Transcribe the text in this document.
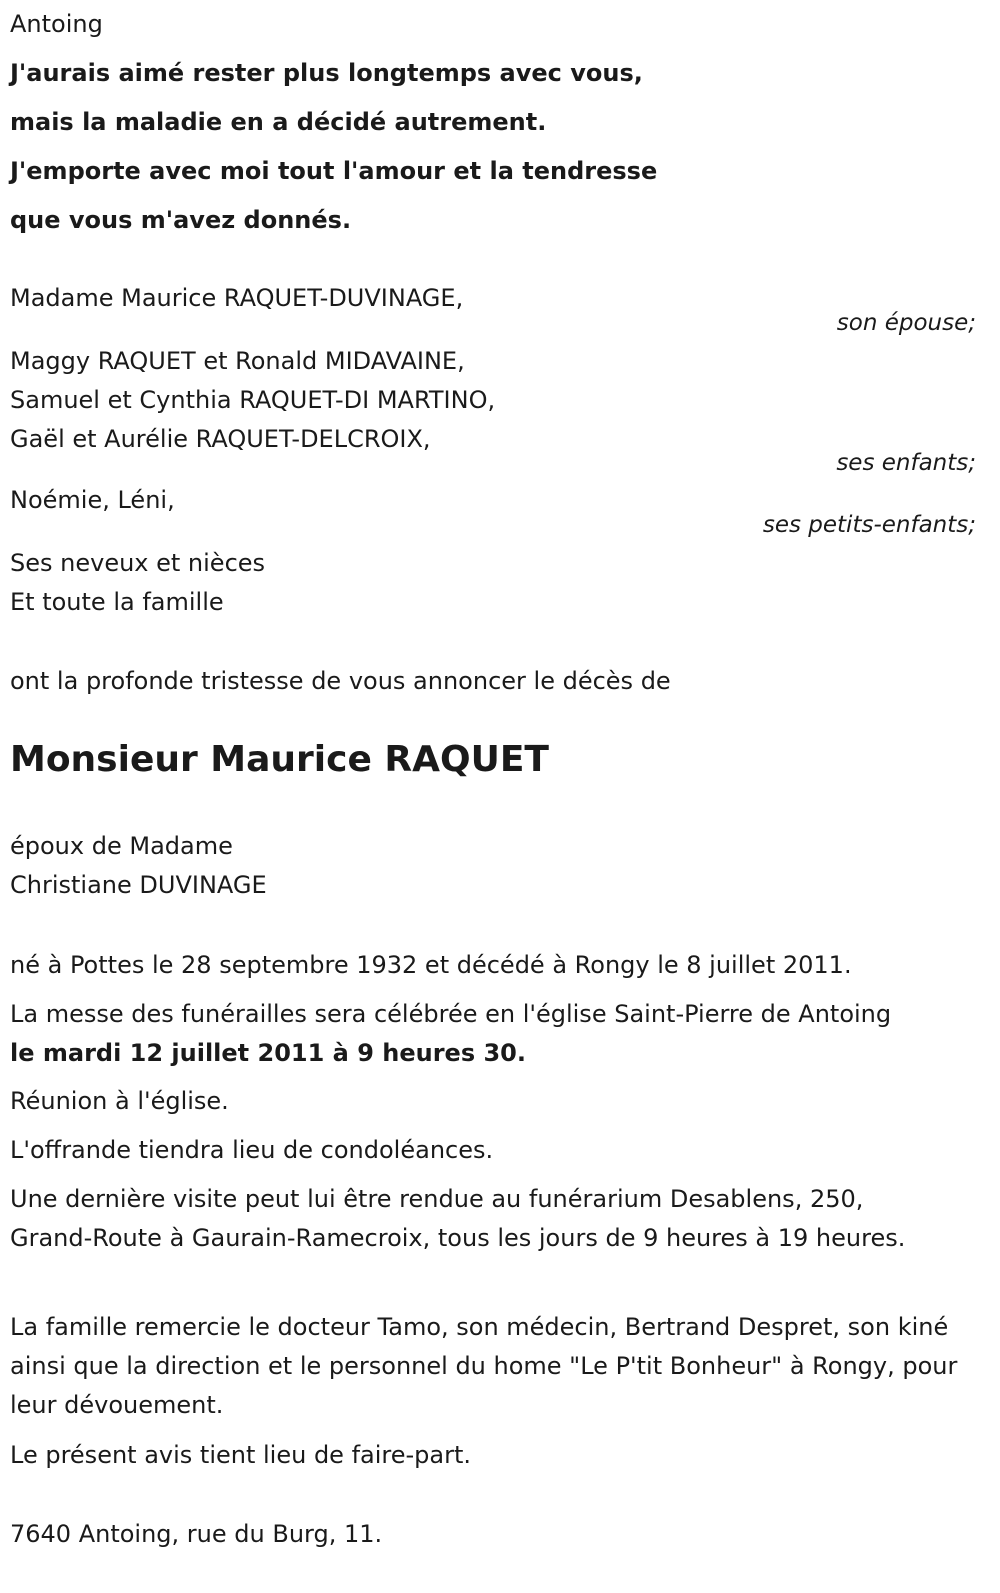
Antoing
J'aurais aimé rester plus longtemps avec vous,
mais la maladie en a décidé autrement.
J'emporte avec moi tout l'amour et la tendresse
que vous m'avez donnés.
Madame Maurice RAQUET-DUVINAGE,
son épouse;
Maggy RAQUET et Ronald MIDAVAINE,
Samuel et Cynthia RAQUET-DI MARTINO,
Gaël et Aurélie RAQUET-DELCROIX,
ses enfants;
Noémie, Léni,
ses petits-enfants;
Ses neveux et nièces
Et toute la famille
ont la profonde tristesse de vous annoncer le décès de
Monsieur Maurice RAQUET
époux de Madame
Christiane DUVINAGE
né à Pottes le 28 septembre 1932 et décédé à Rongy le 8 juillet 2011.
La messe des funérailles sera célébrée en l'église Saint-Pierre de Antoing
le mardi 12 juillet 2011 à 9 heures 30.
Réunion à l'église.
L'offrande tiendra lieu de condoléances.
Une dernière visite peut lui être rendue au funérarium Desablens, 250, Grand-Route à Gaurain-Ramecroix, tous les jours de 9 heures à 19 heures.
La famille remercie le docteur Tamo, son médecin, Bertrand Despret, son kiné ainsi que la direction et le personnel du home "Le P'tit Bonheur" à Rongy, pour leur dévouement.
Le présent avis tient lieu de faire-part.
7640 Antoing, rue du Burg, 11.
